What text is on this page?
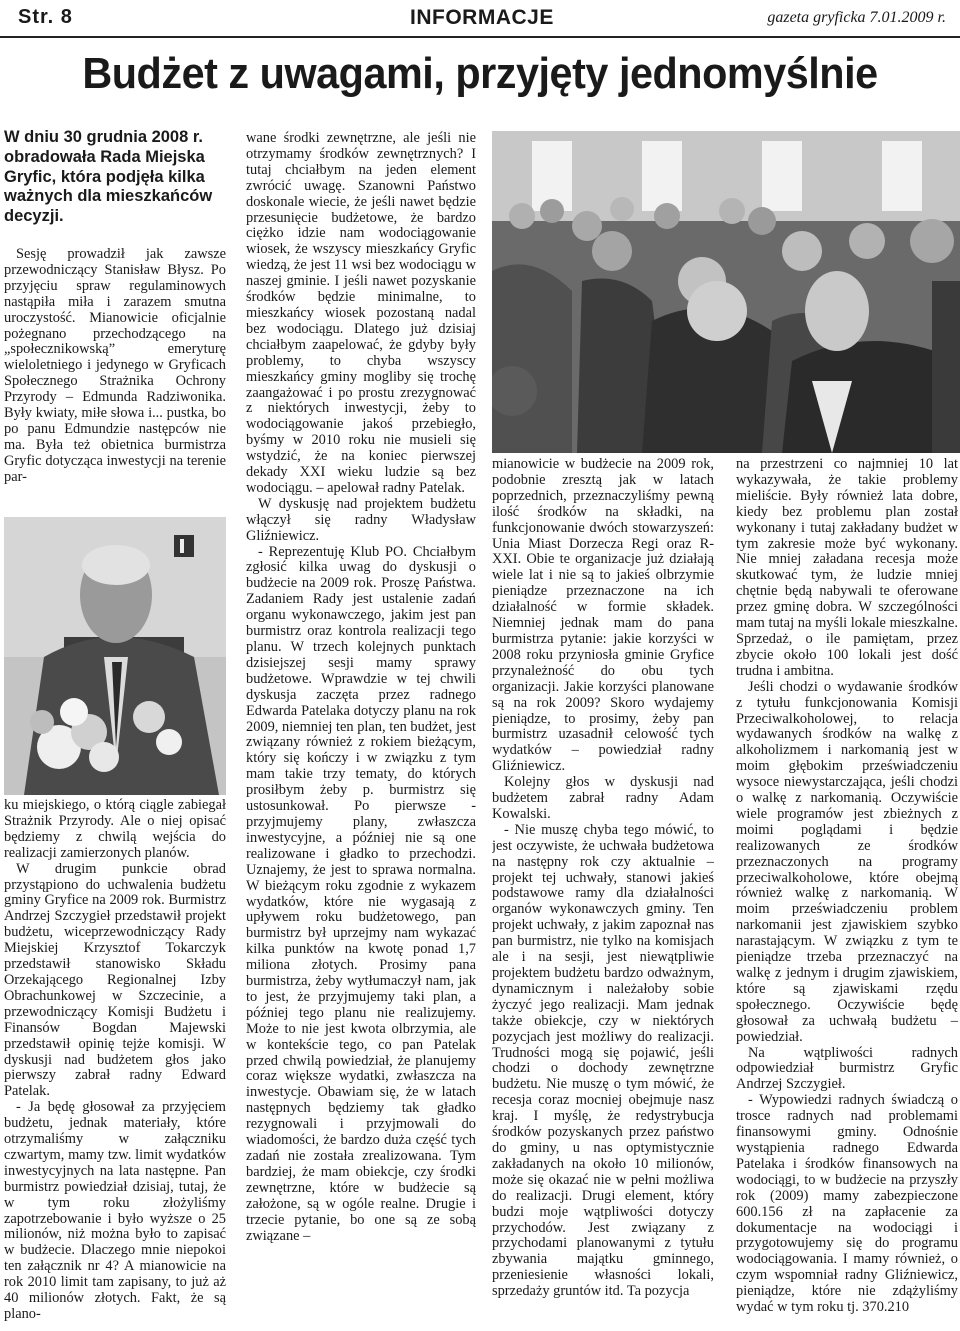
Str. 8	INFORMACJE	gazeta gryficka 7.01.2009 r.
Budżet z uwagami, przyjęty jednomyślnie
W dniu 30 grudnia 2008 r. obradowała Rada Miejska Gryfic, która podjęła kilka ważnych dla mieszkańców decyzji.

Sesję prowadził jak zawsze przewodniczący Stanisław Błysz. Po przyjęciu spraw regulaminowych nastąpiła miła i zarazem smutna uroczystość. Mianowicie oficjalnie pożegnano przechodzącego na „społecznikowską” emeryturę wieloletniego i jedynego w Gryficach Społecznego Strażnika Ochrony Przyrody – Edmunda Radziwonika. Były kwiaty, miłe słowa i... pustka, bo po panu Edmundzie następców nie ma. Była też obietnica burmistrza Gryfic dotycząca inwestycji na terenie par-

ku miejskiego, o którą ciągle zabiegał Strażnik Przyrody. Ale o niej opisać będziemy z chwilą wejścia do realizacji zamierzonych planów.

W drugim punkcie obrad przystąpiono do uchwalenia budżetu gminy Gryfice na 2009 rok. Burmistrz Andrzej Szczygieł przedstawił projekt budżetu, wiceprzewodniczący Rady Miejskiej Krzysztof Tokarczyk przedstawił stanowisko Składu Orzekającego Regionalnej Izby Obrachunkowej w Szczecinie, a przewodniczący Komisji Budżetu i Finansów Bogdan Majewski przedstawił opinię tejże komisji. W dyskusji nad budżetem głos jako pierwszy zabrał radny Edward Patelak.

- Ja będę głosował za przyjęciem budżetu, jednak materiały, które otrzymaliśmy w załączniku czwartym, mamy tzw. limit wydatków inwestycyjnych na lata następne. Pan burmistrz powiedział dzisiaj, tutaj, że w tym roku złożyliśmy zapotrzebowanie i było wyższe o 25 milionów, niż można było to zapisać w budżecie. Dlaczego mnie niepokoi ten załącznik nr 4? A mianowicie na rok 2010 limit tam zapisany, to już aż 40 milionów złotych. Fakt, że są plano-

wane środki zewnętrzne, ale jeśli nie otrzymamy środków zewnętrznych? I tutaj chciałbym na jeden element zwrócić uwagę. Szanowni Państwo doskonale wiecie, że jeśli nawet będzie przesunięcie budżetowe, że bardzo ciężko idzie nam wodociągowanie wiosek, że wszyscy mieszkańcy Gryfic wiedzą, że jest 11 wsi bez wodociągu w naszej gminie. I jeśli nawet pozyskanie środków będzie minimalne, to mieszkańcy wiosek pozostaną nadal bez wodociągu. Dlatego już dzisiaj chciałbym zaapelować, że gdyby były problemy, to chyba wszyscy mieszkańcy gminy mogliby się trochę zaangażować i po prostu zrezygnować z niektórych inwestycji, żeby to wodociągowanie jakoś przebiegło, byśmy w 2010 roku nie musieli się wstydzić, że na koniec pierwszej dekady XXI wieku ludzie są bez wodociągu. – apelował radny Patelak.

W dyskusję nad projektem budżetu włączył się radny Władysław Gliźniewicz.

- Reprezentuję Klub PO. Chciałbym zgłosić kilka uwag do dyskusji o budżecie na 2009 rok. Proszę Państwa. Zadaniem Rady jest ustalenie zadań organu wykonawczego, jakim jest pan burmistrz oraz kontrola realizacji tego planu. W trzech kolejnych punktach dzisiejszej sesji mamy sprawy budżetowe. Wprawdzie w tej chwili dyskusja zaczęta przez radnego Edwarda Patelaka dotyczy planu na rok 2009, niemniej ten plan, ten budżet, jest związany również z rokiem bieżącym, który się kończy i w związku z tym mam takie trzy tematy, do których prosiłbym żeby p. burmistrz się ustosunkował. Po pierwsze - przyjmujemy plany, zwłaszcza inwestycyjne, a później nie są one realizowane i gładko to przechodzi. Uznajemy, że jest to sprawa normalna. W bieżącym roku zgodnie z wykazem wydatków, które nie wygasają z upływem roku budżetowego, pan burmistrz był uprzejmy nam wykazać kilka punktów na kwotę ponad 1,7 miliona złotych. Prosimy pana burmistrza, żeby wytłumaczył nam, jak to jest, że przyjmujemy taki plan, a później tego planu nie realizujemy. Może to nie jest kwota olbrzymia, ale w kontekście tego, co pan Patelak przed chwilą powiedział, że planujemy coraz większe wydatki, zwłaszcza na inwestycje. Obawiam się, że w latach następnych będziemy tak gładko rezygnowali i przyjmowali do wiadomości, że bardzo duża część tych zadań nie została zrealizowana. Tym bardziej, że mam obiekcje, czy środki zewnętrzne, które w budżecie są założone, są w ogóle realne. Drugie i trzecie pytanie, bo one są ze sobą związane –

mianowicie w budżecie na 2009 rok, podobnie zresztą jak w latach poprzednich, przeznaczyliśmy pewną ilość środków na składki, na funkcjonowanie dwóch stowarzyszeń: Unia Miast Dorzecza Regi oraz R-XXI. Obie te organizacje już działają wiele lat i nie są to jakieś olbrzymie pieniądze przeznaczone na ich działalność w formie składek. Niemniej jednak mam do pana burmistrza pytanie: jakie korzyści w 2008 roku przyniosła gminie Gryfice przynależność do obu tych organizacji. Jakie korzyści planowane są na rok 2009? Skoro wydajemy pieniądze, to prosimy, żeby pan burmistrz uzasadnił celowość tych wydatków – powiedział radny Gliźniewicz.

Kolejny głos w dyskusji nad budżetem zabrał radny Adam Kowalski.

- Nie muszę chyba tego mówić, to jest oczywiste, że uchwała budżetowa na następny rok czy aktualnie – projekt tej uchwały, stanowi jakieś podstawowe ramy dla działalności organów wykonawczych gminy. Ten projekt uchwały, z jakim zapoznał nas pan burmistrz, nie tylko na komisjach ale i na sesji, jest niewątpliwie projektem budżetu bardzo odważnym, dynamicznym i należałoby sobie życzyć jego realizacji. Mam jednak także obiekcje, czy w niektórych pozycjach jest możliwy do realizacji. Trudności mogą się pojawić, jeśli chodzi o dochody zewnętrzne budżetu. Nie muszę o tym mówić, że recesja coraz mocniej obejmuje nasz kraj. I myślę, że redystrybucja środków pozyskanych przez państwo do gminy, u nas optymistycznie zakładanych na około 10 milionów, może się okazać nie w pełni możliwa do realizacji. Drugi element, który budzi moje wątpliwości dotyczy przychodów. Jest związany z przychodami planowanymi z tytułu zbywania majątku gminnego, przeniesienie własności lokali, sprzedaży gruntów itd. Ta pozycja

na przestrzeni co najmniej 10 lat wykazywała, że takie problemy mieliście. Były również lata dobre, kiedy bez problemu plan został wykonany i tutaj zakładany budżet w tym zakresie może być wykonany. Nie mniej załadana recesja może skutkować tym, że ludzie mniej chętnie będą nabywali te oferowane przez gminę dobra. W szczególności mam tutaj na myśli lokale mieszkalne. Sprzedaż, o ile pamiętam, przez zbycie około 100 lokali jest dość trudna i ambitna.

Jeśli chodzi o wydawanie środków z tytułu funkcjonowania Komisji Przeciwalkoholowej, to relacja wydawanych środków na walkę z alkoholizmem i narkomanią jest w moim głębokim przeświadczeniu wysoce niewystarczająca, jeśli chodzi o walkę z narkomanią. Oczywiście wiele programów jest zbieżnych z moimi poglądami i będzie realizowanych ze środków przeznaczonych na programy przeciwalkoholowe, które obejmą również walkę z narkomanią. W moim przeświadczeniu problem narkomanii jest zjawiskiem szybko narastającym. W związku z tym te pieniądze trzeba przeznaczyć na walkę z jednym i drugim zjawiskiem, które są zjawiskami rzędu społecznego. Oczywiście będę głosował za uchwałą budżetu – powiedział.

Na wątpliwości radnych odpowiedział burmistrz Gryfic Andrzej Szczygieł.

- Wypowiedzi radnych świadczą o trosce radnych nad problemami finansowymi gminy. Odnośnie wystąpienia radnego Edwarda Patelaka i środków finansowych na wodociągi, to w budżecie na przyszły rok (2009) mamy zabezpieczone 600.156 zł na zapłacenie za dokumentacje na wodociągi i przygotowujemy się do programu wodociągowania. I mamy również, o czym wspomniał radny Gliźniewicz, pieniądze, które nie zdążyliśmy wydać w tym roku tj. 370.210
